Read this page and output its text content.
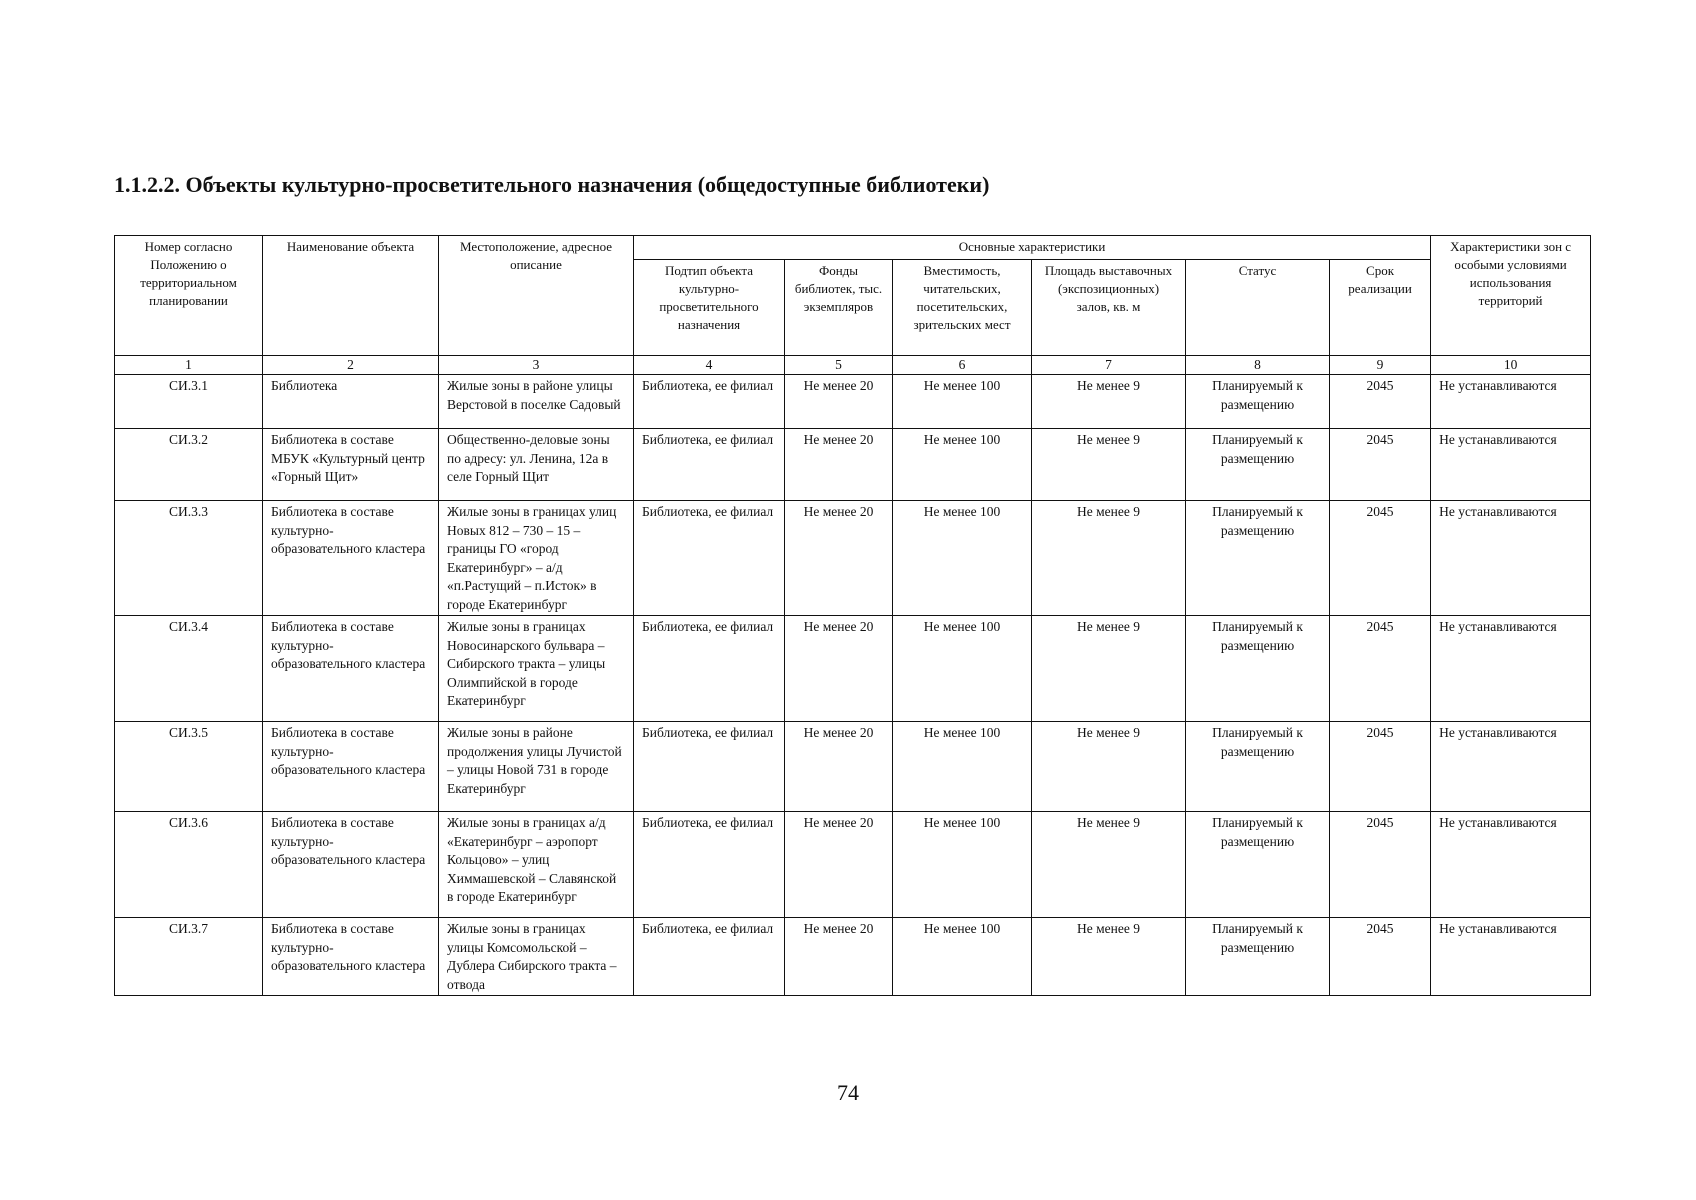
1.1.2.2. Объекты культурно-просветительного назначения (общедоступные библиотеки)
Номер согласно Положению о территориальном планировании	Наименование объекта	Местоположение, адресное описание	Основные характеристики						Характеристики зон с особыми условиями использования территорий
			Подтип объекта культурно-просветительного назначения	Фонды библиотек, тыс. экземпляров	Вместимость, читательских, посетительских, зрительских мест	Площадь выставочных (экспозиционных) залов, кв. м	Статус	Срок реализации	
1	2	3	4	5	6	7	8	9	10
СИ.3.1	Библиотека	Жилые зоны в районе улицы Верстовой в поселке Садовый	Библиотека, ее филиал	Не менее 20	Не менее 100	Не менее 9	Планируемый к размещению	2045	Не устанавливаются
СИ.3.2	Библиотека в составе МБУК «Культурный центр «Горный Щит»	Общественно-деловые зоны по адресу: ул. Ленина, 12а в селе Горный Щит	Библиотека, ее филиал	Не менее 20	Не менее 100	Не менее 9	Планируемый к размещению	2045	Не устанавливаются
СИ.3.3	Библиотека в составе культурно-образовательного кластера	Жилые зоны в границах улиц Новых 812 – 730 – 15 – границы ГО «город Екатеринбург» – а/д «п.Растущий – п.Исток» в городе Екатеринбург	Библиотека, ее филиал	Не менее 20	Не менее 100	Не менее 9	Планируемый к размещению	2045	Не устанавливаются
СИ.3.4	Библиотека в составе культурно-образовательного кластера	Жилые зоны в границах Новосинарского бульвара – Сибирского тракта – улицы Олимпийской в городе Екатеринбург	Библиотека, ее филиал	Не менее 20	Не менее 100	Не менее 9	Планируемый к размещению	2045	Не устанавливаются
СИ.3.5	Библиотека в составе культурно-образовательного кластера	Жилые зоны в районе продолжения улицы Лучистой – улицы Новой 731 в городе Екатеринбург	Библиотека, ее филиал	Не менее 20	Не менее 100	Не менее 9	Планируемый к размещению	2045	Не устанавливаются
СИ.3.6	Библиотека в составе культурно-образовательного кластера	Жилые зоны в границах а/д «Екатеринбург – аэропорт Кольцово» – улиц Химмашевской – Славянской в городе Екатеринбург	Библиотека, ее филиал	Не менее 20	Не менее 100	Не менее 9	Планируемый к размещению	2045	Не устанавливаются
СИ.3.7	Библиотека в составе культурно-образовательного кластера	Жилые зоны в границах улицы Комсомольской – Дублера Сибирского тракта – отвода	Библиотека, ее филиал	Не менее 20	Не менее 100	Не менее 9	Планируемый к размещению	2045	Не устанавливаются
74
